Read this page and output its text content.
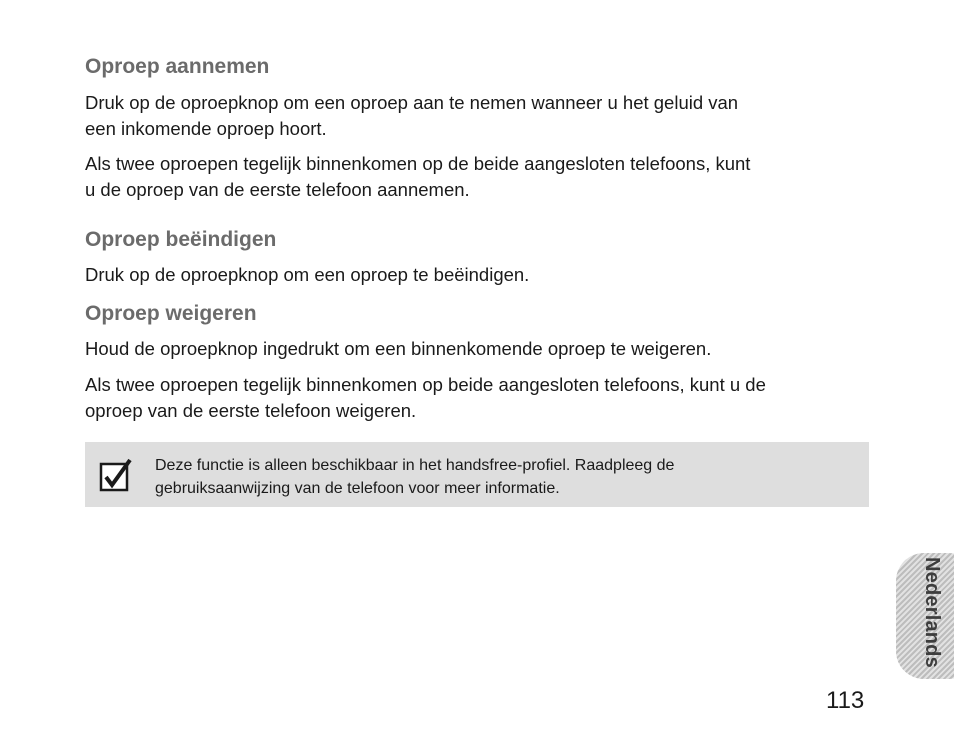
Oproep aannemen

Druk op de oproepknop om een oproep aan te nemen wanneer u het geluid van
een inkomende oproep hoort.

Als twee oproepen tegelijk binnenkomen op de beide aangesloten telefoons, kunt
u de oproep van de eerste telefoon aannemen.

Oproep beëindigen

Druk op de oproepknop om een oproep te beëindigen.

Oproep weigeren

Houd de oproepknop ingedrukt om een binnenkomende oproep te weigeren.

Als twee oproepen tegelijk binnenkomen op beide aangesloten telefoons, kunt u de
oproep van de eerste telefoon weigeren.

Deze functie is alleen beschikbaar in het handsfree-profiel. Raadpleeg de
gebruiksaanwijzing van de telefoon voor meer informatie.
Nederlands
113
